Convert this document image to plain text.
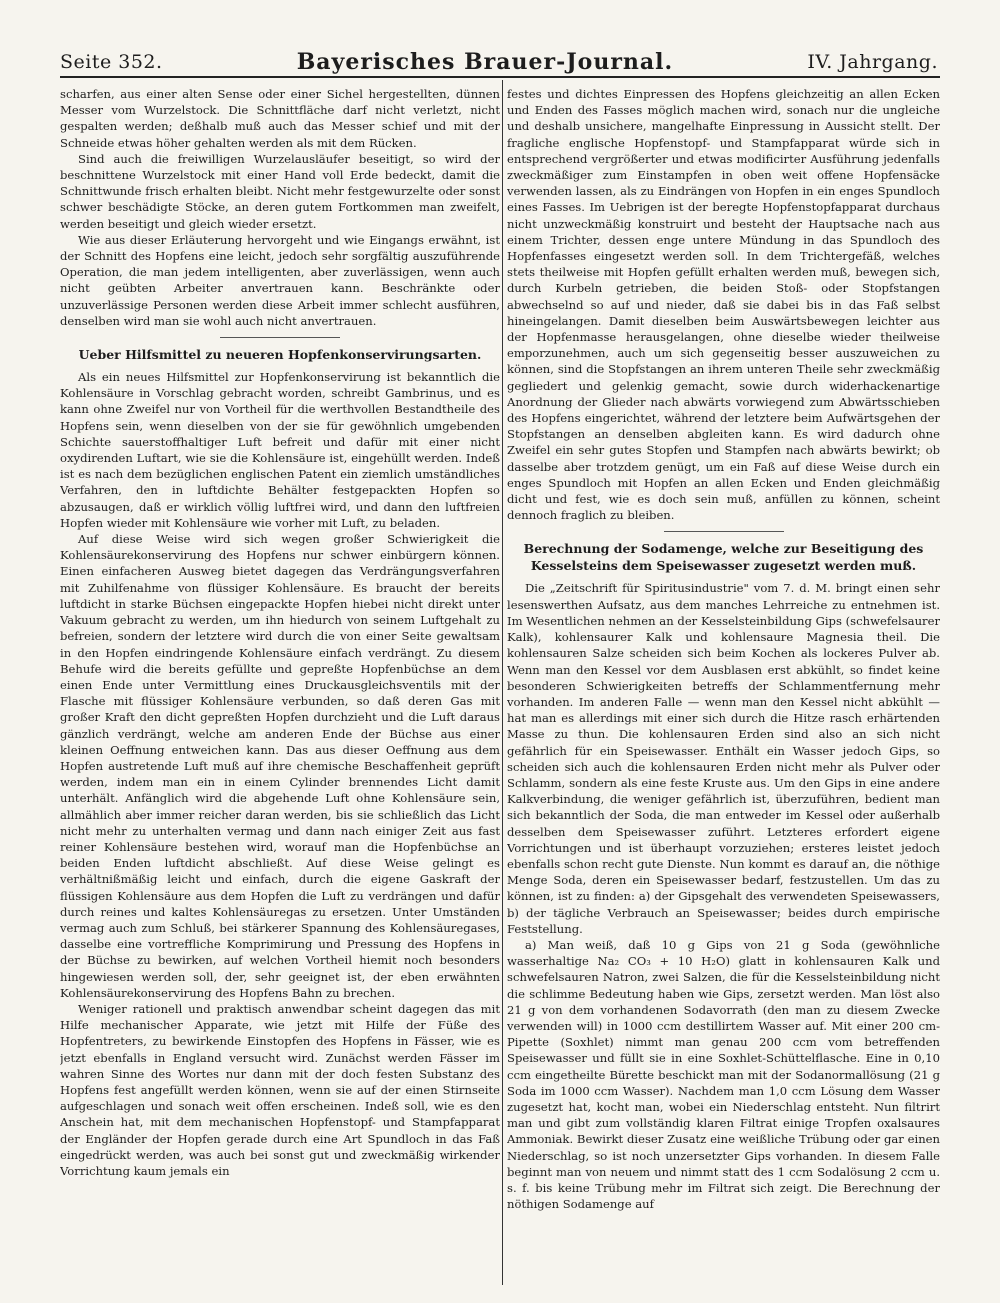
Seite 352.	Bayerisches Brauer-Journal.	IV. Jahrgang.

scharfen, aus einer alten Sense oder einer Sichel hergestellten, dünnen Messer vom Wurzelstock. Die Schnittfläche darf nicht verletzt, nicht gespalten werden; deßhalb muß auch das Messer schief und mit der Schneide etwas höher gehalten werden als mit dem Rücken.

Sind auch die freiwilligen Wurzelausläufer beseitigt, so wird der beschnittene Wurzelstock mit einer Hand voll Erde bedeckt, damit die Schnittwunde frisch erhalten bleibt. Nicht mehr festgewurzelte oder sonst schwer beschädigte Stöcke, an deren gutem Fortkommen man zweifelt, werden beseitigt und gleich wieder ersetzt.

Wie aus dieser Erläuterung hervorgeht und wie Eingangs erwähnt, ist der Schnitt des Hopfens eine leicht, jedoch sehr sorgfältig auszuführende Operation, die man jedem intelligenten, aber zuverlässigen, wenn auch nicht geübten Arbeiter anvertrauen kann. Beschränkte oder unzuverlässige Personen werden diese Arbeit immer schlecht ausführen, denselben wird man sie wohl auch nicht anvertrauen.

Ueber Hilfsmittel zu neueren Hopfenkonservirungsarten.

Als ein neues Hilfsmittel zur Hopfenkonservirung ist bekanntlich die Kohlensäure in Vorschlag gebracht worden, schreibt Gambrinus, und es kann ohne Zweifel nur von Vortheil für die werthvollen Bestandtheile des Hopfens sein, wenn dieselben von der sie für gewöhnlich umgebenden Schichte sauerstoffhaltiger Luft befreit und dafür mit einer nicht oxydirenden Luftart, wie sie die Kohlensäure ist, eingehüllt werden. Indeß ist es nach dem bezüglichen englischen Patent ein ziemlich umständliches Verfahren, den in luftdichte Behälter festgepackten Hopfen so abzusaugen, daß er wirklich völlig luftfrei wird, und dann den luftfreien Hopfen wieder mit Kohlensäure wie vorher mit Luft, zu beladen.

Auf diese Weise wird sich wegen großer Schwierigkeit die Kohlensäurekonservirung des Hopfens nur schwer einbürgern können. Einen einfacheren Ausweg bietet dagegen das Verdrängungsverfahren mit Zuhilfenahme von flüssiger Kohlensäure. Es braucht der bereits luftdicht in starke Büchsen eingepackte Hopfen hiebei nicht direkt unter Vakuum gebracht zu werden, um ihn hiedurch von seinem Luftgehalt zu befreien, sondern der letztere wird durch die von einer Seite gewaltsam in den Hopfen eindringende Kohlensäure einfach verdrängt. Zu diesem Behufe wird die bereits gefüllte und gepreßte Hopfenbüchse an dem einen Ende unter Vermittlung eines Druckausgleichsventils mit der Flasche mit flüssiger Kohlensäure verbunden, so daß deren Gas mit großer Kraft den dicht gepreßten Hopfen durchzieht und die Luft daraus gänzlich verdrängt, welche am anderen Ende der Büchse aus einer kleinen Oeffnung entweichen kann. Das aus dieser Oeffnung aus dem Hopfen austretende Luft muß auf ihre chemische Beschaffenheit geprüft werden, indem man ein in einem Cylinder brennendes Licht damit unterhält. Anfänglich wird die abgehende Luft ohne Kohlensäure sein, allmählich aber immer reicher daran werden, bis sie schließlich das Licht nicht mehr zu unterhalten vermag und dann nach einiger Zeit aus fast reiner Kohlensäure bestehen wird, worauf man die Hopfenbüchse an beiden Enden luftdicht abschließt. Auf diese Weise gelingt es verhältnißmäßig leicht und einfach, durch die eigene Gaskraft der flüssigen Kohlensäure aus dem Hopfen die Luft zu verdrängen und dafür durch reines und kaltes Kohlensäuregas zu ersetzen. Unter Umständen vermag auch zum Schluß, bei stärkerer Spannung des Kohlensäuregases, dasselbe eine vortreffliche Komprimirung und Pressung des Hopfens in der Büchse zu bewirken, auf welchen Vortheil hiemit noch besonders hingewiesen werden soll, der, sehr geeignet ist, der eben erwähnten Kohlensäurekonservirung des Hopfens Bahn zu brechen.

Weniger rationell und praktisch anwendbar scheint dagegen das mit Hilfe mechanischer Apparate, wie jetzt mit Hilfe der Füße des Hopfentreters, zu bewirkende Einstopfen des Hopfens in Fässer, wie es jetzt ebenfalls in England versucht wird. Zunächst werden Fässer im wahren Sinne des Wortes nur dann mit der doch festen Substanz des Hopfens fest angefüllt werden können, wenn sie auf der einen Stirnseite aufgeschlagen und sonach weit offen erscheinen. Indeß soll, wie es den Anschein hat, mit dem mechanischen Hopfenstopf- und Stampfapparat der Engländer der Hopfen gerade durch eine Art Spundloch in das Faß eingedrückt werden, was auch bei sonst gut und zweckmäßig wirkender Vorrichtung kaum jemals ein

festes und dichtes Einpressen des Hopfens gleichzeitig an allen Ecken und Enden des Fasses möglich machen wird, sonach nur die ungleiche und deshalb unsichere, mangelhafte Einpressung in Aussicht stellt. Der fragliche englische Hopfenstopf- und Stampfapparat würde sich in entsprechend vergrößerter und etwas modificirter Ausführung jedenfalls zweckmäßiger zum Einstampfen in oben weit offene Hopfensäcke verwenden lassen, als zu Eindrängen von Hopfen in ein enges Spundloch eines Fasses. Im Uebrigen ist der beregte Hopfenstopfapparat durchaus nicht unzweckmäßig konstruirt und besteht der Hauptsache nach aus einem Trichter, dessen enge untere Mündung in das Spundloch des Hopfenfasses eingesetzt werden soll. In dem Trichtergefäß, welches stets theilweise mit Hopfen gefüllt erhalten werden muß, bewegen sich, durch Kurbeln getrieben, die beiden Stoß- oder Stopfstangen abwechselnd so auf und nieder, daß sie dabei bis in das Faß selbst hineingelangen. Damit dieselben beim Auswärtsbewegen leichter aus der Hopfenmasse herausgelangen, ohne dieselbe wieder theilweise emporzunehmen, auch um sich gegenseitig besser auszuweichen zu können, sind die Stopfstangen an ihrem unteren Theile sehr zweckmäßig gegliedert und gelenkig gemacht, sowie durch widerhackenartige Anordnung der Glieder nach abwärts vorwiegend zum Abwärtsschieben des Hopfens eingerichtet, während der letztere beim Aufwärtsgehen der Stopfstangen an denselben abgleiten kann. Es wird dadurch ohne Zweifel ein sehr gutes Stopfen und Stampfen nach abwärts bewirkt; ob dasselbe aber trotzdem genügt, um ein Faß auf diese Weise durch ein enges Spundloch mit Hopfen an allen Ecken und Enden gleichmäßig dicht und fest, wie es doch sein muß, anfüllen zu können, scheint dennoch fraglich zu bleiben.

Berechnung der Sodamenge, welche zur Beseitigung des Kesselsteins dem Speisewasser zugesetzt werden muß.

Die „Zeitschrift für Spiritusindustrie" vom 7. d. M. bringt einen sehr lesenswerthen Aufsatz, aus dem manches Lehrreiche zu entnehmen ist. Im Wesentlichen nehmen an der Kesselsteinbildung Gips (schwefelsaurer Kalk), kohlensaurer Kalk und kohlensaure Magnesia theil. Die kohlensauren Salze scheiden sich beim Kochen als lockeres Pulver ab. Wenn man den Kessel vor dem Ausblasen erst abkühlt, so findet keine besonderen Schwierigkeiten betreffs der Schlammentfernung mehr vorhanden. Im anderen Falle — wenn man den Kessel nicht abkühlt — hat man es allerdings mit einer sich durch die Hitze rasch erhärtenden Masse zu thun. Die kohlensauren Erden sind also an sich nicht gefährlich für ein Speisewasser. Enthält ein Wasser jedoch Gips, so scheiden sich auch die kohlensauren Erden nicht mehr als Pulver oder Schlamm, sondern als eine feste Kruste aus. Um den Gips in eine andere Kalkverbindung, die weniger gefährlich ist, überzuführen, bedient man sich bekanntlich der Soda, die man entweder im Kessel oder außerhalb desselben dem Speisewasser zuführt. Letzteres erfordert eigene Vorrichtungen und ist überhaupt vorzuziehen; ersteres leistet jedoch ebenfalls schon recht gute Dienste. Nun kommt es darauf an, die nöthige Menge Soda, deren ein Speisewasser bedarf, festzustellen. Um das zu können, ist zu finden: a) der Gipsgehalt des verwendeten Speisewassers, b) der tägliche Verbrauch an Speisewasser; beides durch empirische Feststellung.

a) Man weiß, daß 10 g Gips von 21 g Soda (gewöhnliche wasserhaltige Na₂ CO₃ + 10 H₂O) glatt in kohlensauren Kalk und schwefelsauren Natron, zwei Salzen, die für die Kesselsteinbildung nicht die schlimme Bedeutung haben wie Gips, zersetzt werden. Man löst also 21 g von dem vorhandenen Sodavorrath (den man zu diesem Zwecke verwenden will) in 1000 ccm destillirtem Wasser auf. Mit einer 200 cm-Pipette (Soxhlet) nimmt man genau 200 ccm vom betreffenden Speisewasser und füllt sie in eine Soxhlet-Schüttelflasche. Eine in 0,10 ccm eingetheilte Bürette beschickt man mit der Sodanormallösung (21 g Soda im 1000 ccm Wasser). Nachdem man 1,0 ccm Lösung dem Wasser zugesetzt hat, kocht man, wobei ein Niederschlag entsteht. Nun filtrirt man und gibt zum vollständig klaren Filtrat einige Tropfen oxalsaures Ammoniak. Bewirkt dieser Zusatz eine weißliche Trübung oder gar einen Niederschlag, so ist noch unzersetzter Gips vorhanden. In diesem Falle beginnt man von neuem und nimmt statt des 1 ccm Sodalösung 2 ccm u. s. f. bis keine Trübung mehr im Filtrat sich zeigt. Die Berechnung der nöthigen Sodamenge auf
